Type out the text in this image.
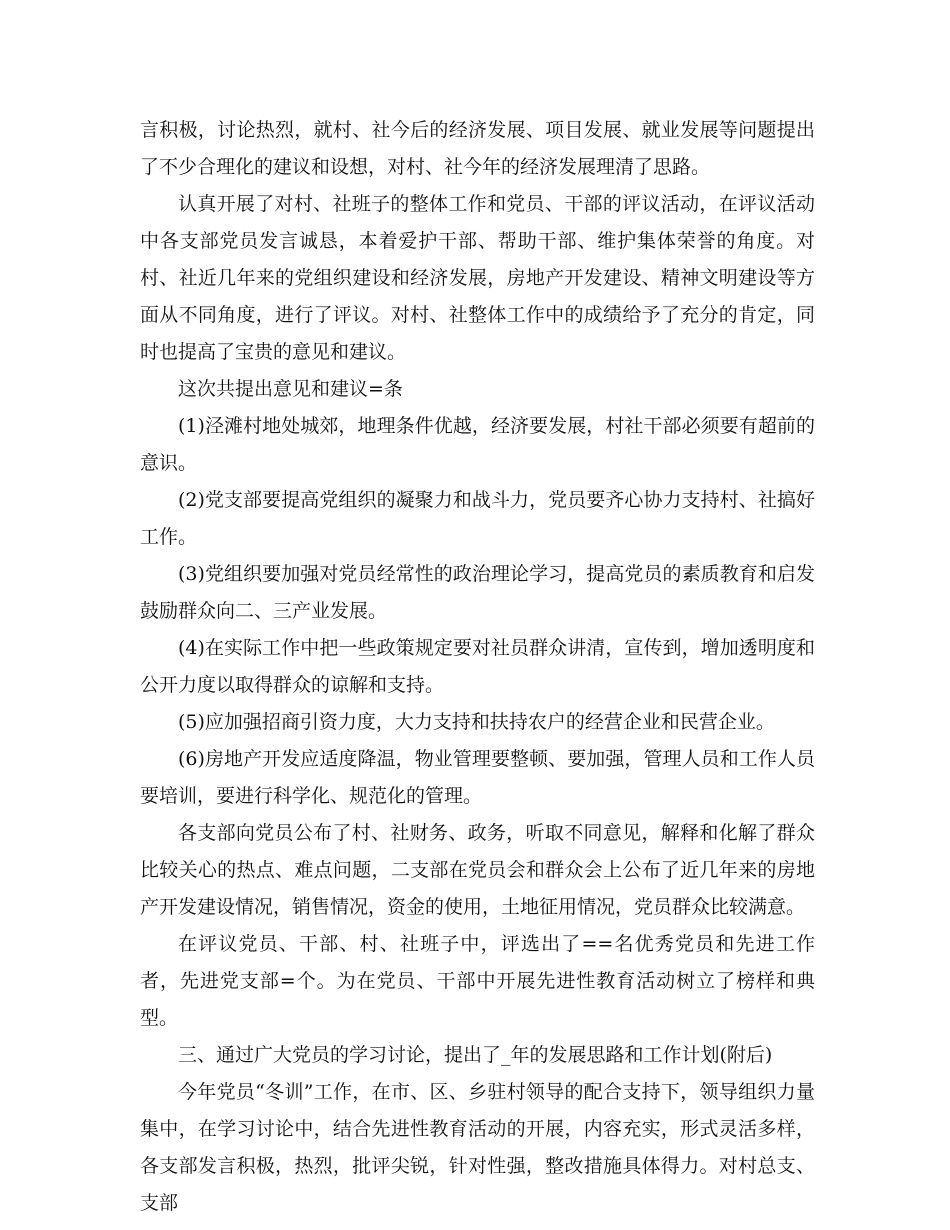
言积极，讨论热烈，就村、社今后的经济发展、项目发展、就业发展等问题提出了不少合理化的建议和设想，对村、社今年的经济发展理清了思路。

认真开展了对村、社班子的整体工作和党员、干部的评议活动，在评议活动中各支部党员发言诚恳，本着爱护干部、帮助干部、维护集体荣誉的角度。对村、社近几年来的党组织建设和经济发展，房地产开发建设、精神文明建设等方面从不同角度，进行了评议。对村、社整体工作中的成绩给予了充分的肯定，同时也提高了宝贵的意见和建议。

这次共提出意见和建议=条

(1)泾滩村地处城郊，地理条件优越，经济要发展，村社干部必须要有超前的意识。

(2)党支部要提高党组织的凝聚力和战斗力，党员要齐心协力支持村、社搞好工作。

(3)党组织要加强对党员经常性的政治理论学习，提高党员的素质教育和启发鼓励群众向二、三产业发展。

(4)在实际工作中把一些政策规定要对社员群众讲清，宣传到，增加透明度和公开力度以取得群众的谅解和支持。

(5)应加强招商引资力度，大力支持和扶持农户的经营企业和民营企业。

(6)房地产开发应适度降温，物业管理要整顿、要加强，管理人员和工作人员要培训，要进行科学化、规范化的管理。

各支部向党员公布了村、社财务、政务，听取不同意见，解释和化解了群众比较关心的热点、难点问题，二支部在党员会和群众会上公布了近几年来的房地产开发建设情况，销售情况，资金的使用，土地征用情况，党员群众比较满意。

在评议党员、干部、村、社班子中，评选出了==名优秀党员和先进工作者，先进党支部=个。为在党员、干部中开展先进性教育活动树立了榜样和典型。

三、通过广大党员的学习讨论，提出了_年的发展思路和工作计划(附后)

今年党员“冬训”工作，在市、区、乡驻村领导的配合支持下，领导组织力量集中，在学习讨论中，结合先进性教育活动的开展，内容充实，形式灵活多样，各支部发言积极，热烈，批评尖锐，针对性强，整改措施具体得力。对村总支、支部
